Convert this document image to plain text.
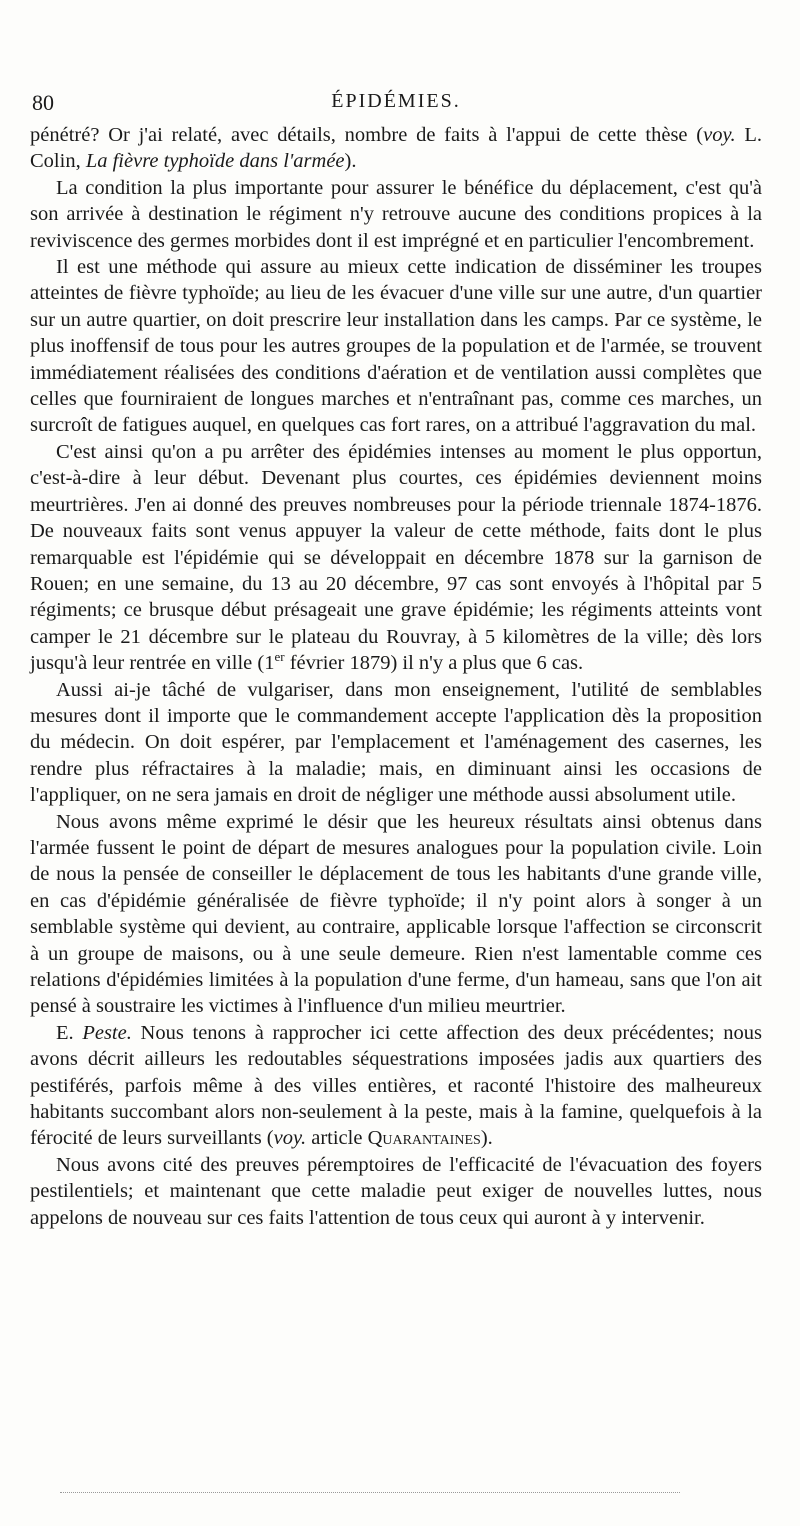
80	ÉPIDÉMIES.

pénétré? Or j'ai relaté, avec détails, nombre de faits à l'appui de cette thèse (voy. L. Colin, La fièvre typhoïde dans l'armée).

La condition la plus importante pour assurer le bénéfice du déplacement, c'est qu'à son arrivée à destination le régiment n'y retrouve aucune des conditions propices à la reviviscence des germes morbides dont il est imprégné et en particulier l'encombrement.

Il est une méthode qui assure au mieux cette indication de disséminer les troupes atteintes de fièvre typhoïde; au lieu de les évacuer d'une ville sur une autre, d'un quartier sur un autre quartier, on doit prescrire leur installation dans les camps. Par ce système, le plus inoffensif de tous pour les autres groupes de la population et de l'armée, se trouvent immédiatement réalisées des conditions d'aération et de ventilation aussi complètes que celles que fourniraient de longues marches et n'entraînant pas, comme ces marches, un surcroît de fatigues auquel, en quelques cas fort rares, on a attribué l'aggravation du mal.

C'est ainsi qu'on a pu arrêter des épidémies intenses au moment le plus opportun, c'est-à-dire à leur début. Devenant plus courtes, ces épidémies deviennent moins meurtrières. J'en ai donné des preuves nombreuses pour la période triennale 1874-1876. De nouveaux faits sont venus appuyer la valeur de cette méthode, faits dont le plus remarquable est l'épidémie qui se développait en décembre 1878 sur la garnison de Rouen; en une semaine, du 13 au 20 décembre, 97 cas sont envoyés à l'hôpital par 5 régiments; ce brusque début présageait une grave épidémie; les régiments atteints vont camper le 21 décembre sur le plateau du Rouvray, à 5 kilomètres de la ville; dès lors jusqu'à leur rentrée en ville (1er février 1879) il n'y a plus que 6 cas.

Aussi ai-je tâché de vulgariser, dans mon enseignement, l'utilité de semblables mesures dont il importe que le commandement accepte l'application dès la proposition du médecin. On doit espérer, par l'emplacement et l'aménagement des casernes, les rendre plus réfractaires à la maladie; mais, en diminuant ainsi les occasions de l'appliquer, on ne sera jamais en droit de négliger une méthode aussi absolument utile.

Nous avons même exprimé le désir que les heureux résultats ainsi obtenus dans l'armée fussent le point de départ de mesures analogues pour la population civile. Loin de nous la pensée de conseiller le déplacement de tous les habitants d'une grande ville, en cas d'épidémie généralisée de fièvre typhoïde; il n'y point alors à songer à un semblable système qui devient, au contraire, applicable lorsque l'affection se circonscrit à un groupe de maisons, ou à une seule demeure. Rien n'est lamentable comme ces relations d'épidémies limitées à la population d'une ferme, d'un hameau, sans que l'on ait pensé à soustraire les victimes à l'influence d'un milieu meurtrier.

E. Peste. Nous tenons à rapprocher ici cette affection des deux précédentes; nous avons décrit ailleurs les redoutables séquestrations imposées jadis aux quartiers des pestiférés, parfois même à des villes entières, et raconté l'histoire des malheureux habitants succombant alors non-seulement à la peste, mais à la famine, quelquefois à la férocité de leurs surveillants (voy. article Quarantaines).

Nous avons cité des preuves péremptoires de l'efficacité de l'évacuation des foyers pestilentiels; et maintenant que cette maladie peut exiger de nouvelles luttes, nous appelons de nouveau sur ces faits l'attention de tous ceux qui auront à y intervenir.
